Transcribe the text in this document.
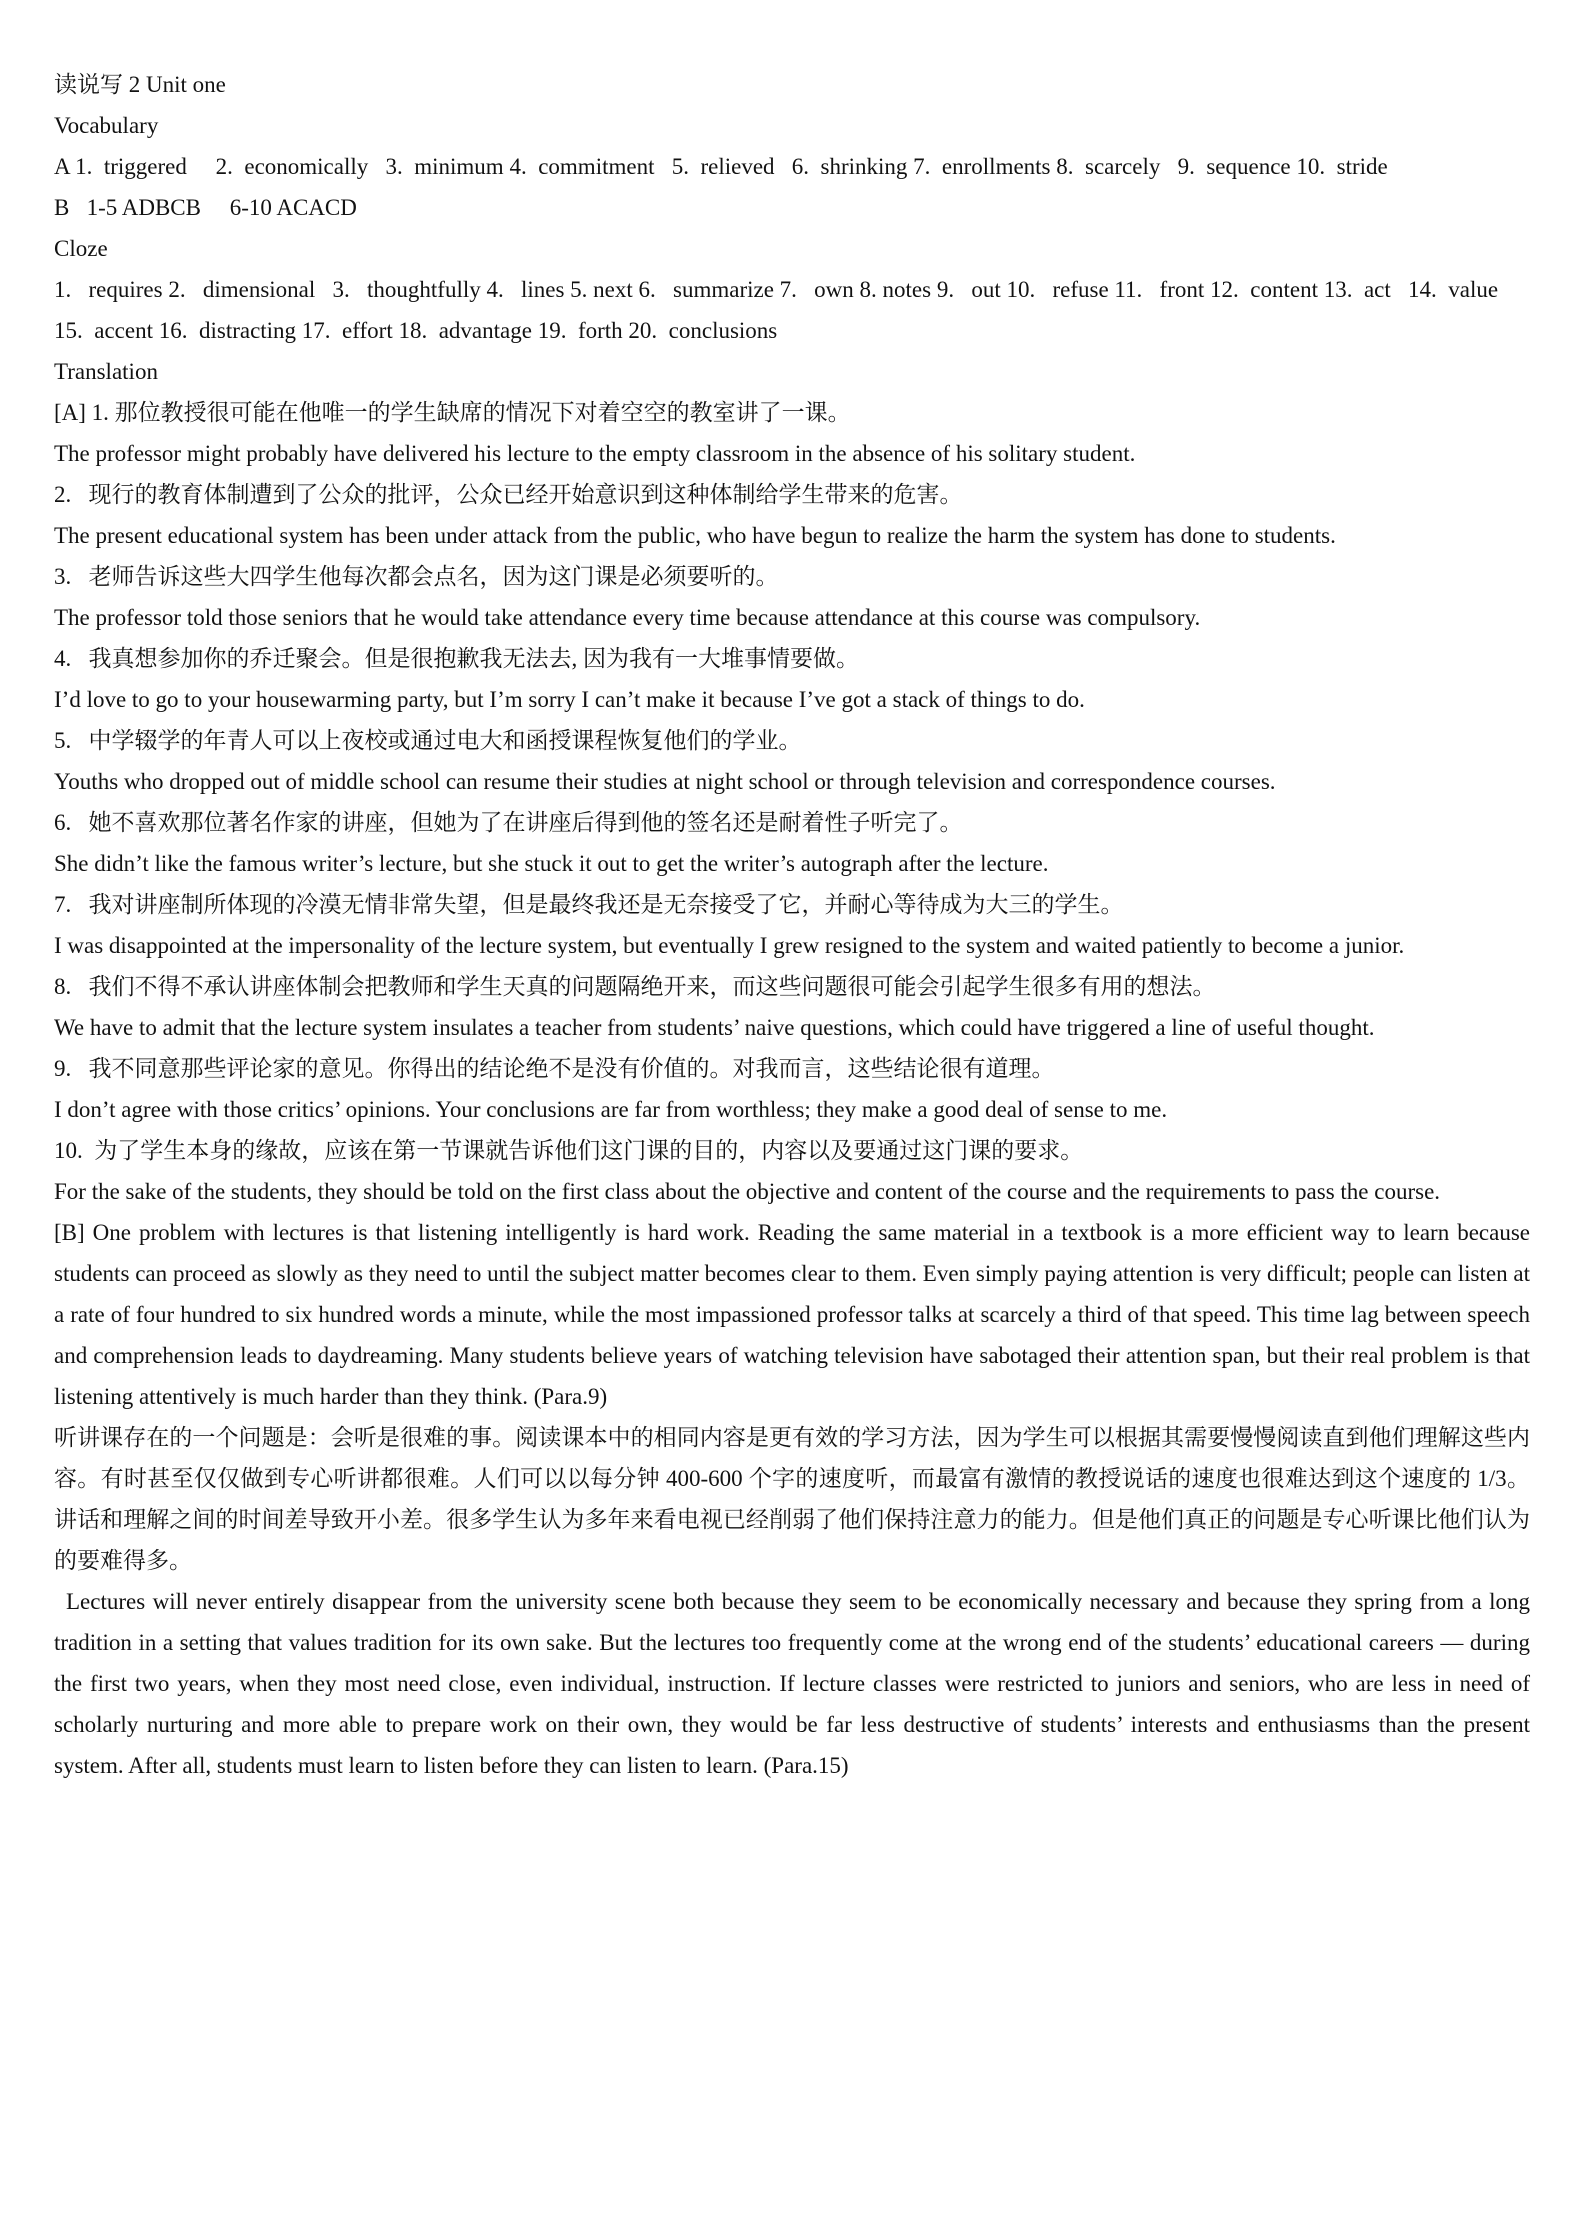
读说写 2 Unit one

Vocabulary

A 1.  triggered     2.  economically   3.  minimum 4.  commitment   5.  relieved   6.  shrinking 7.  enrollments 8.  scarcely   9.  sequence 10.  stride

B   1-5 ADBCB     6-10 ACACD

Cloze

1.   requires 2.   dimensional   3.   thoughtfully 4.   lines 5. next 6.   summarize 7.   own 8. notes 9.   out 10.   refuse 11.   front 12.  content 13.  act   14.  value 15.  accent 16.  distracting 17.  effort 18.  advantage 19.  forth 20.  conclusions

Translation

[A] 1. 那位教授很可能在他唯一的学生缺席的情况下对着空空的教室讲了一课。

The professor might probably have delivered his lecture to the empty classroom in the absence of his solitary student.

2.   现行的教育体制遭到了公众的批评，公众已经开始意识到这种体制给学生带来的危害。

The present educational system has been under attack from the public, who have begun to realize the harm the system has done to students.

3.   老师告诉这些大四学生他每次都会点名，因为这门课是必须要听的。

The professor told those seniors that he would take attendance every time because attendance at this course was compulsory.

4.   我真想参加你的乔迁聚会。但是很抱歉我无法去, 因为我有一大堆事情要做。

I’d love to go to your housewarming party, but I’m sorry I can’t make it because I’ve got a stack of things to do.

5.   中学辍学的年青人可以上夜校或通过电大和函授课程恢复他们的学业。

Youths who dropped out of middle school can resume their studies at night school or through television and correspondence courses.

6.   她不喜欢那位著名作家的讲座，但她为了在讲座后得到他的签名还是耐着性子听完了。

She didn’t like the famous writer’s lecture, but she stuck it out to get the writer’s autograph after the lecture.

7.   我对讲座制所体现的冷漠无情非常失望，但是最终我还是无奈接受了它，并耐心等待成为大三的学生。

I was disappointed at the impersonality of the lecture system, but eventually I grew resigned to the system and waited patiently to become a junior.

8.   我们不得不承认讲座体制会把教师和学生天真的问题隔绝开来，而这些问题很可能会引起学生很多有用的想法。

We have to admit that the lecture system insulates a teacher from students’ naive questions, which could have triggered a line of useful thought.

9.   我不同意那些评论家的意见。你得出的结论绝不是没有价值的。对我而言，这些结论很有道理。

I don’t agree with those critics’ opinions. Your conclusions are far from worthless; they make a good deal of sense to me.

10.  为了学生本身的缘故，应该在第一节课就告诉他们这门课的目的，内容以及要通过这门课的要求。

For the sake of the students, they should be told on the first class about the objective and content of the course and the requirements to pass the course.

[B] One problem with lectures is that listening intelligently is hard work. Reading the same material in a textbook is a more efficient way to learn because students can proceed as slowly as they need to until the subject matter becomes clear to them. Even simply paying attention is very difficult; people can listen at a rate of four hundred to six hundred words a minute, while the most impassioned professor talks at scarcely a third of that speed. This time lag between speech and comprehension leads to daydreaming. Many students believe years of watching television have sabotaged their attention span, but their real problem is that listening attentively is much harder than they think. (Para.9)

听讲课存在的一个问题是：会听是很难的事。阅读课本中的相同内容是更有效的学习方法，因为学生可以根据其需要慢慢阅读直到他们理解这些内容。有时甚至仅仅做到专心听讲都很难。人们可以以每分钟 400-600 个字的速度听，而最富有激情的教授说话的速度也很难达到这个速度的 1/3。讲话和理解之间的时间差导致开小差。很多学生认为多年来看电视已经削弱了他们保持注意力的能力。但是他们真正的问题是专心听课比他们认为的要难得多。

Lectures will never entirely disappear from the university scene both because they seem to be economically necessary and because they spring from a long tradition in a setting that values tradition for its own sake. But the lectures too frequently come at the wrong end of the students’ educational careers — during the first two years, when they most need close, even individual, instruction. If lecture classes were restricted to juniors and seniors, who are less in need of scholarly nurturing and more able to prepare work on their own, they would be far less destructive of students’ interests and enthusiasms than the present system. After all, students must learn to listen before they can listen to learn. (Para.15)
